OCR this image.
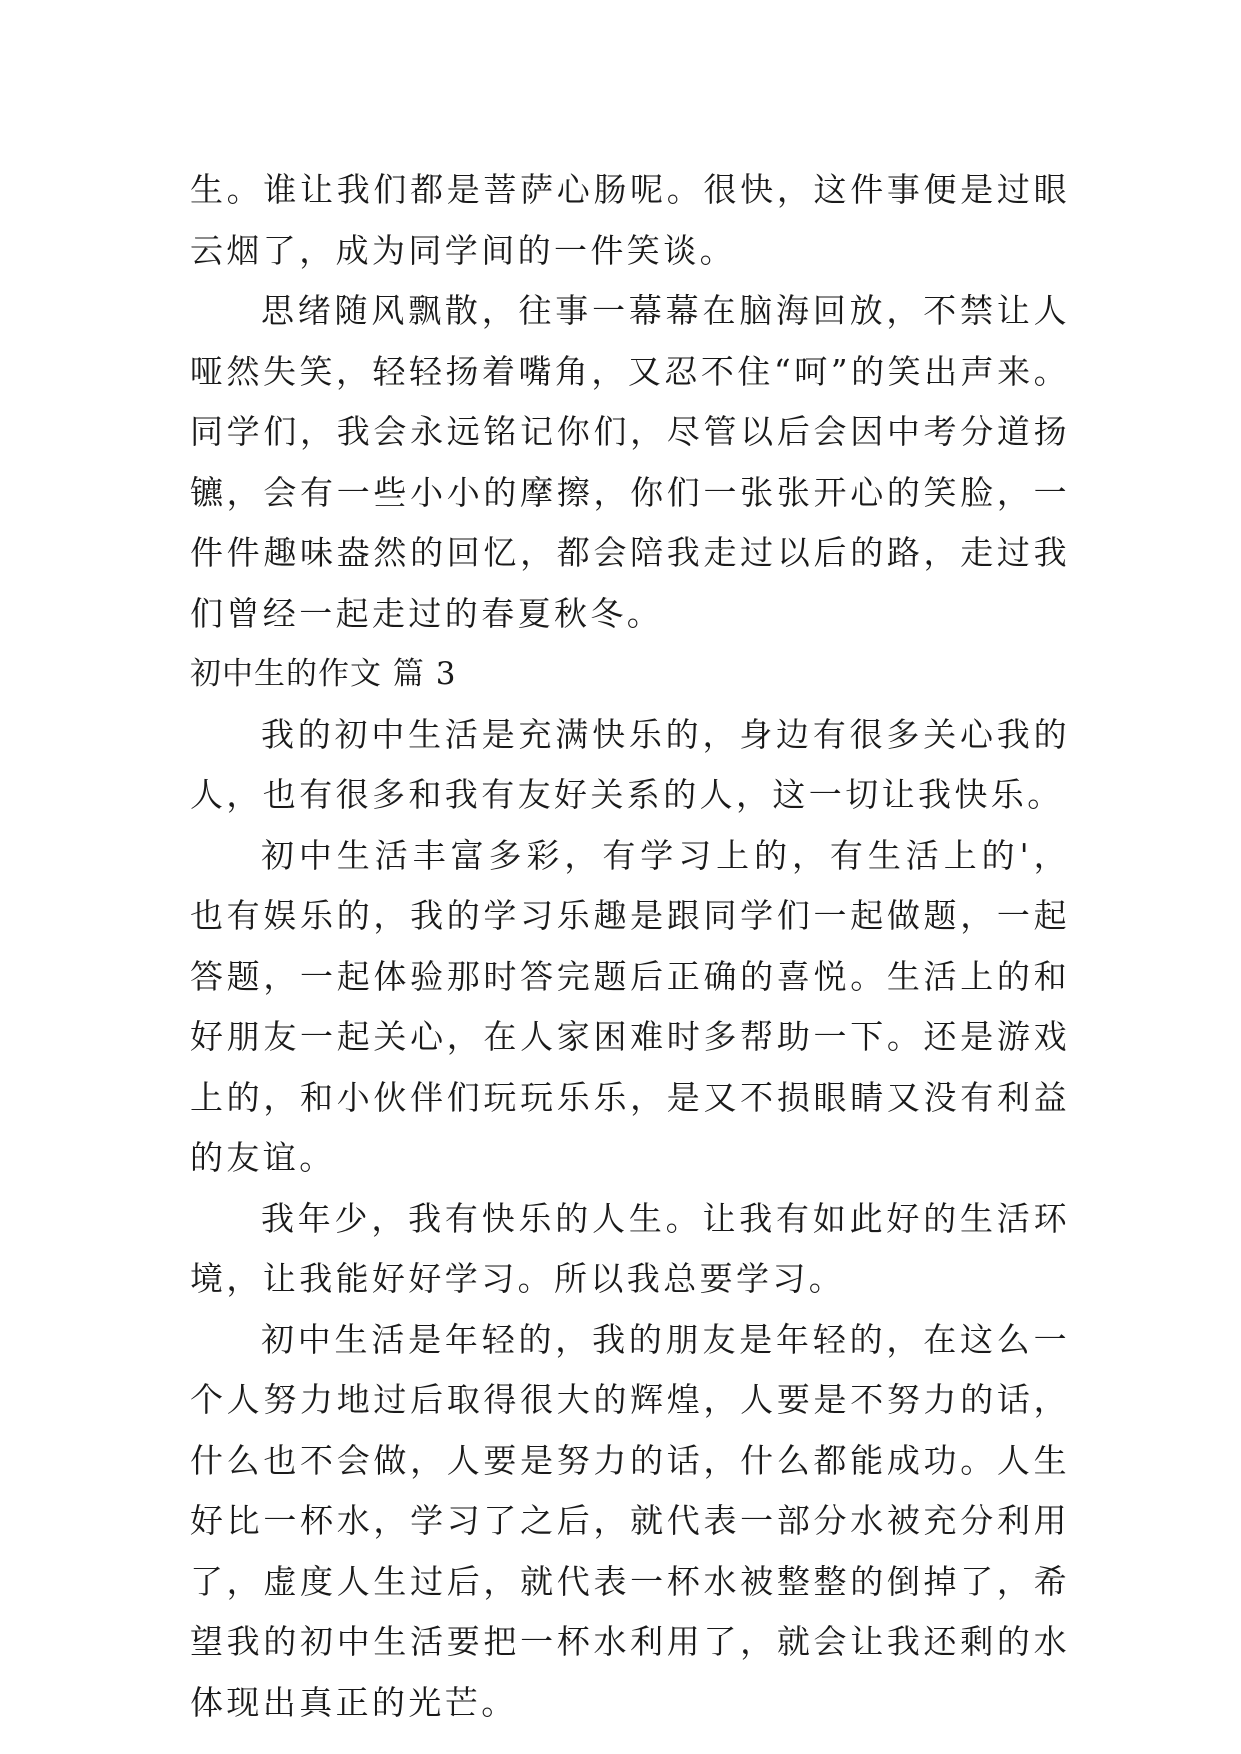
生。谁让我们都是菩萨心肠呢。很快，这件事便是过眼云烟了，成为同学间的一件笑谈。

思绪随风飘散，往事一幕幕在脑海回放，不禁让人哑然失笑，轻轻扬着嘴角，又忍不住“呵”的笑出声来。同学们，我会永远铭记你们，尽管以后会因中考分道扬镳，会有一些小小的摩擦，你们一张张开心的笑脸，一件件趣味盎然的回忆，都会陪我走过以后的路，走过我们曾经一起走过的春夏秋冬。

初中生的作文 篇 3

我的初中生活是充满快乐的，身边有很多关心我的人，也有很多和我有友好关系的人，这一切让我快乐。

初中生活丰富多彩，有学习上的，有生活上的'，也有娱乐的，我的学习乐趣是跟同学们一起做题，一起答题，一起体验那时答完题后正确的喜悦。生活上的和好朋友一起关心，在人家困难时多帮助一下。还是游戏上的，和小伙伴们玩玩乐乐，是又不损眼睛又没有利益的友谊。

我年少，我有快乐的人生。让我有如此好的生活环境，让我能好好学习。所以我总要学习。

初中生活是年轻的，我的朋友是年轻的，在这么一个人努力地过后取得很大的辉煌，人要是不努力的话，什么也不会做，人要是努力的话，什么都能成功。人生好比一杯水，学习了之后，就代表一部分水被充分利用了，虚度人生过后，就代表一杯水被整整的倒掉了，希望我的初中生活要把一杯水利用了，就会让我还剩的水体现出真正的光芒。
